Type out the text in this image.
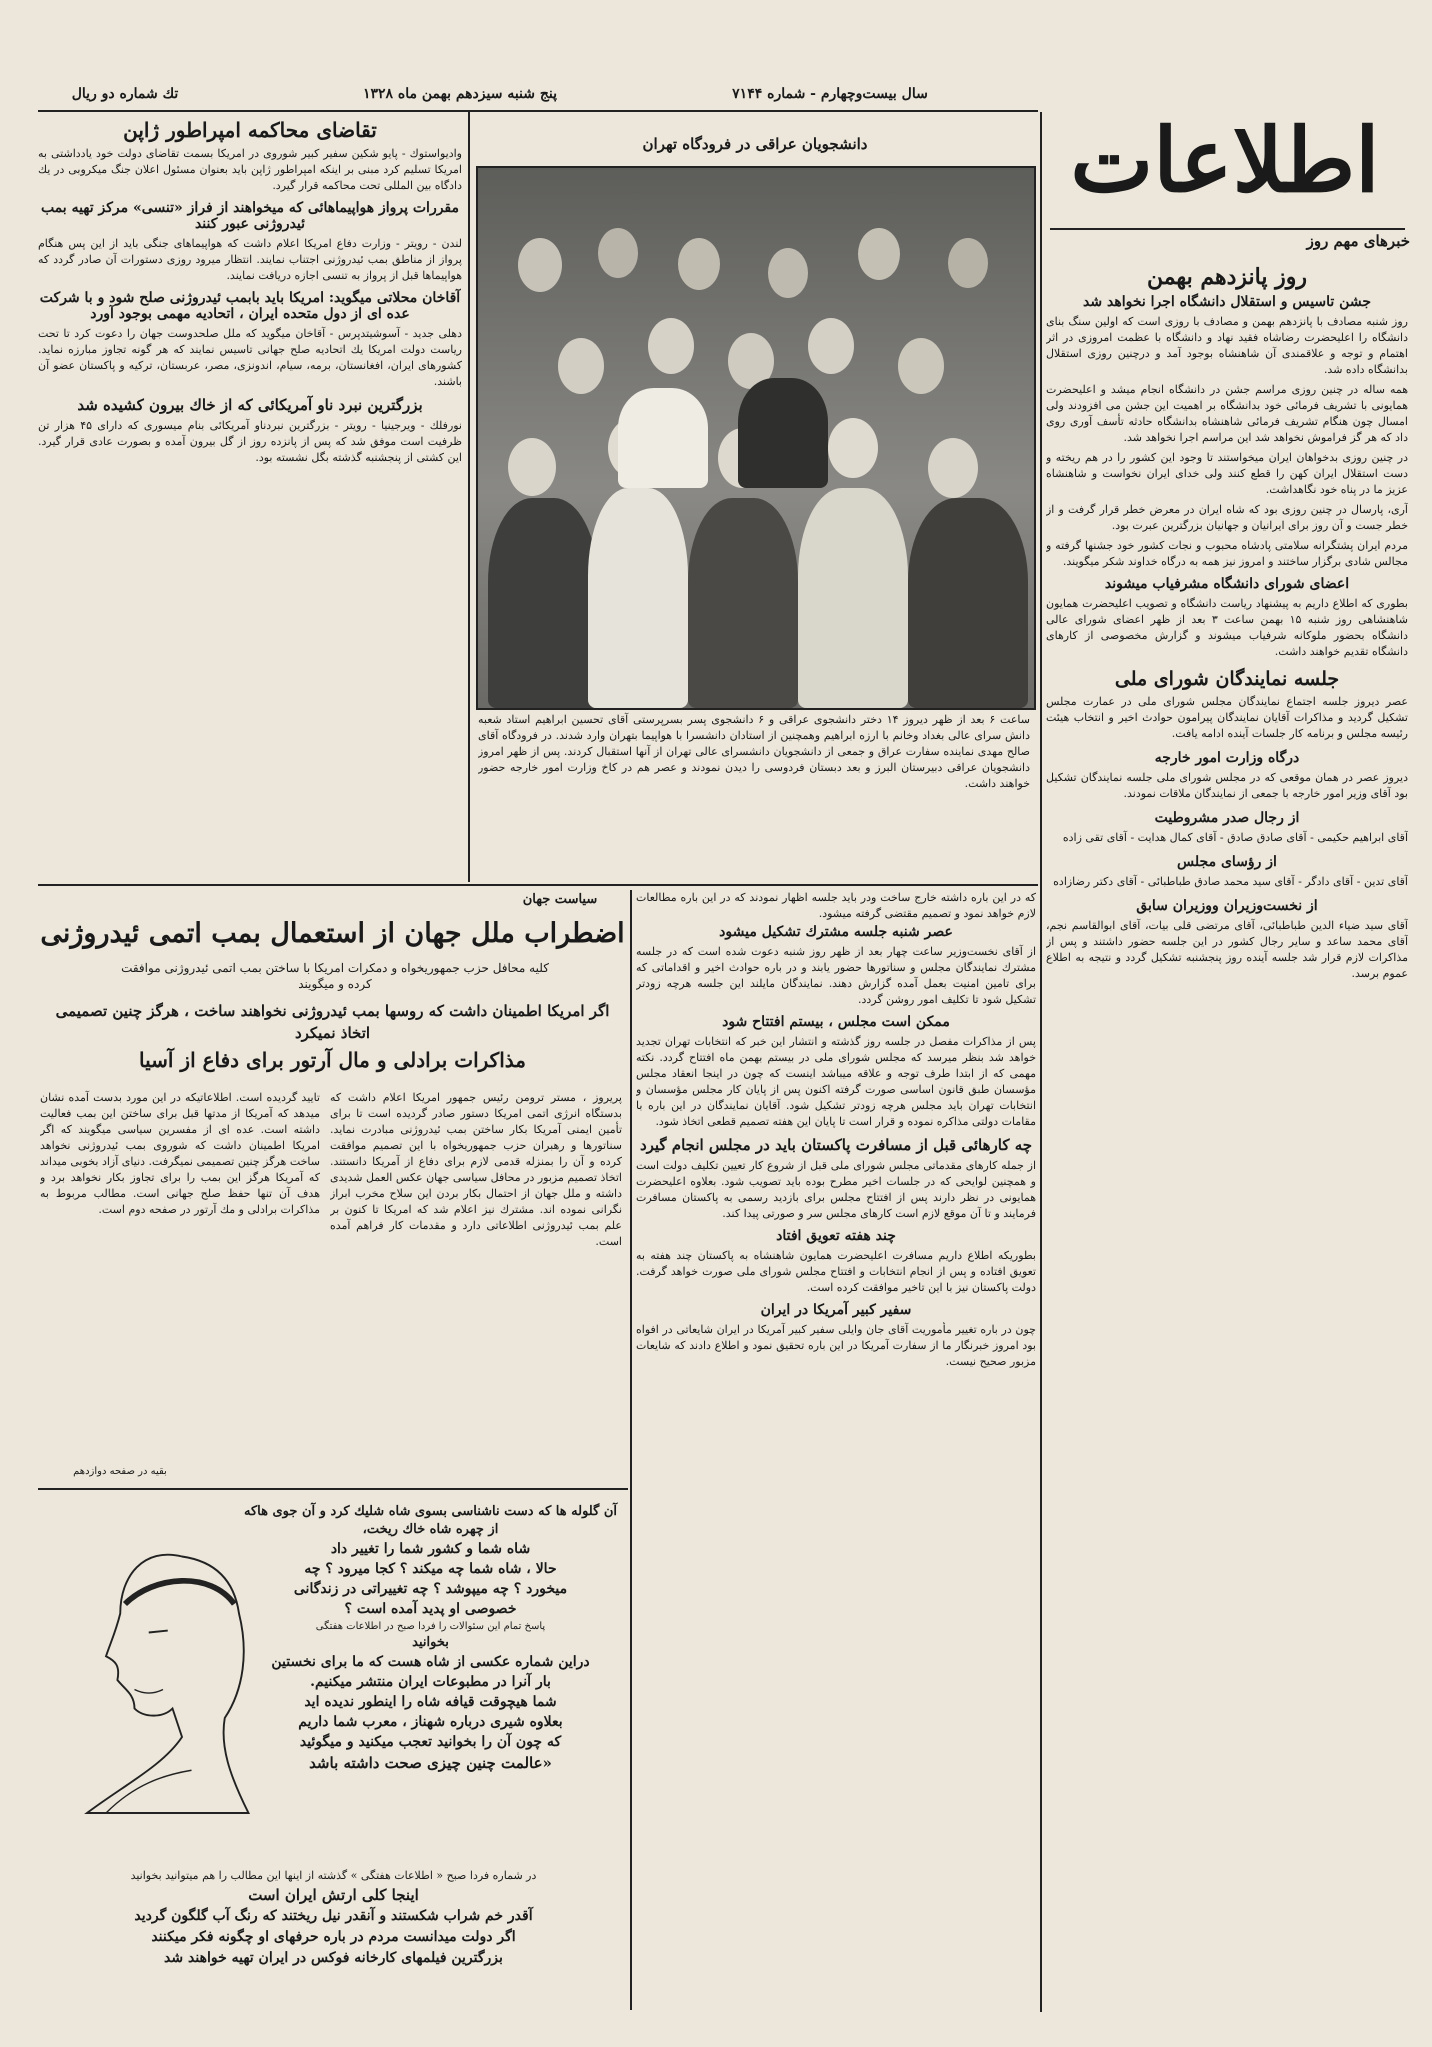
تك شماره دو ريال	پنج شنبه سيزدهم بهمن ماه ۱۳۲۸	سال بيست‌وچهارم - شماره ۷۱۴۴
اطلاعات
خبرهاى مهم روز
روز پانزدهم بهمن
جشن تاسيس و استقلال دانشگاه اجرا نخواهد شد

روز شنبه مصادف با پانزدهم بهمن و مصادف با روزى است كه اولين سنگ بناى دانشگاه را اعليحضرت رضاشاه فقيد نهاد و دانشگاه با عظمت امروزى در اثر اهتمام و توجه و علاقمندى آن شاهنشاه بوجود آمد و درچنين روزى استقلال بدانشگاه داده شد.

همه ساله در چنين روزى مراسم جشن در دانشگاه انجام ميشد و اعليحضرت همايونى با تشريف فرمائى خود بدانشگاه بر اهميت اين جشن مى افزودند ولى امسال چون هنگام تشريف فرمائى شاهنشاه بدانشگاه حادثه تأسف آورى روى داد كه هر گز فراموش نخواهد شد اين مراسم اجرا نخواهد شد.

در چنين روزى بدخواهان ايران ميخواستند تا وجود اين كشور را در هم ريخته و دست استقلال ايران كهن را قطع كنند ولى خداى ايران نخواست و شاهنشاه عزيز ما در پناه خود نگاهداشت.

آرى، پارسال در چنين روزى بود كه شاه ايران در معرض خطر قرار گرفت و از خطر جست و آن روز براى ايرانيان و جهانيان بزرگترين عبرت بود.

مردم ايران پشتگرانه سلامتى پادشاه محبوب و نجات كشور خود جشنها گرفته و مجالس شادى برگزار ساختند و امروز نيز همه به درگاه خداوند شكر ميگويند.

اعضاى شوراى دانشگاه مشرفياب ميشوند
بطورى كه اطلاع داريم به پيشنهاد رياست دانشگاه و تصويب اعليحضرت همايون شاهنشاهى روز شنبه ۱۵ بهمن ساعت ۳ بعد از ظهر اعضاى شوراى عالى دانشگاه بحضور ملوكانه شرفياب ميشوند و گزارش مخصوصى از كارهاى دانشگاه تقديم خواهند داشت.
جلسه نمايندگان شوراى ملى
عصر ديروز جلسه اجتماع نمايندگان مجلس شوراى ملى در عمارت مجلس تشكيل گرديد و مذاكرات آقايان نمايندگان پيرامون حوادث اخير و انتخاب هيئت رئيسه مجلس و برنامه كار جلسات آينده ادامه يافت.
درگاه وزارت امور خارجه
ديروز عصر در همان موقعى كه در مجلس شوراى ملى جلسه نمايندگان تشكيل بود آقاى وزير امور خارجه با جمعى از نمايندگان ملاقات نمودند.
از رجال صدر مشروطيت
آقاى ابراهيم حكيمى - آقاى صادق صادق - آقاى كمال هدايت - آقاى تقى زاده
از رؤساى مجلس
آقاى تدين - آقاى دادگر - آقاى سيد محمد صادق طباطبائى - آقاى دكتر رضازاده
از نخست‌وزيران ووزيران سابق
آقاى سيد ضياء الدين طباطبائى، آقاى مرتضى قلى بيات، آقاى ابوالقاسم نجم، آقاى محمد ساعد و ساير رجال كشور در اين جلسه حضور داشتند و پس از مذاكرات لازم قرار شد جلسه آينده روز پنجشنبه تشكيل گردد و نتيجه به اطلاع عموم برسد.
دانشجويان عراقى در فرودگاه تهران
ساعت ۶ بعد از ظهر ديروز ۱۴ دختر دانشجوى عراقى و ۶ دانشجوى پسر بسرپرستى آقاى تحسين ابراهيم استاد شعبه دانش سراى عالى بغداد وخانم با ارزه ابراهيم وهمچنين از استادان دانشسرا با هواپيما بتهران وارد شدند. در فرودگاه آقاى صالح مهدى نماينده سفارت عراق و جمعى از دانشجويان دانشسراى عالى تهران از آنها استقبال كردند. پس از ظهر امروز دانشجويان عراقى دبيرستان البرز و بعد دبستان فردوسى را ديدن نمودند و عصر هم در كاخ وزارت امور خارجه حضور خواهند داشت.
تقاضاى محاكمه امپراطور ژاپن
واديواستوك - پايو شكين سفير كبير شوروى در امريكا بسمت تقاضاى دولت خود يادداشتى به امريكا تسليم كرد مبنى بر اينكه امپراطور ژاپن بايد بعنوان مسئول اعلان جنگ ميكروبى در يك دادگاه بين المللى تحت محاكمه قرار گيرد.
مقررات پرواز هواپيماهائى كه ميخواهند از فراز «تنسى» مركز تهيه بمب ئيدروژنى عبور كنند
لندن - رويتر - وزارت دفاع امريكا اعلام داشت كه هواپيماهاى جنگى بايد از اين پس هنگام پرواز از مناطق بمب ئيدروژنى اجتناب نمايند. انتظار ميرود روزى دستورات آن صادر گردد كه هواپيماها قبل از پرواز به تنسى اجازه دريافت نمايند.
آقاخان محلاتى ميگويد: امريكا بايد بابمب ئيدروژنى صلح شود و با شركت عده اى از دول متحده ايران ، اتحاديه مهمى بوجود آورد
دهلى جديد - آسوشيتدپرس - آقاخان ميگويد كه ملل صلحدوست جهان را دعوت كرد تا تحت رياست دولت امريكا يك اتحاديه صلح جهانى تاسيس نمايند كه هر گونه تجاوز مبارزه نمايد. كشورهاى ايران، افغانستان، برمه، سيام، اندونزى، مصر، عربستان، تركيه و پاكستان عضو آن باشند.
بزرگترين نبرد ناو آمريكائى كه از خاك بيرون كشيده شد
نورفلك - ويرجينيا - رويتر - بزرگترين نبردناو آمريكائى بنام ميسورى كه داراى ۴۵ هزار تن ظرفيت است موفق شد كه پس از پانزده روز از گل بيرون آمده و بصورت عادى قرار گيرد. اين كشتى از پنجشنبه گذشته بگل نشسته بود.
سياست جهان
اضطراب ملل جهان از استعمال بمب اتمى ئيدروژنى
كليه محافل حزب جمهوريخواه و دمكرات امريكا با ساختن بمب اتمى ئيدروژنى موافقت كرده و ميگويند
اگر امريكا اطمينان داشت كه روسها بمب ئيدروژنى نخواهند ساخت ، هرگز چنين تصميمى اتخاذ نميكرد
مذاكرات برادلى و مال آرتور براى دفاع از آسيا
پريروز ، مستر ترومن رئيس جمهور امريكا اعلام داشت كه بدستگاه انرژى اتمى امريكا دستور صادر گرديده است تا براى تأمين ايمنى آمريكا بكار ساختن بمب ئيدروژنى مبادرت نمايد. سناتورها و رهبران حزب جمهوريخواه با اين تصميم موافقت كرده و آن را بمنزله قدمى لازم براى دفاع از آمريكا دانستند. اتخاذ تصميم مزبور در محافل سياسى جهان عكس العمل شديدى داشته و ملل جهان از احتمال بكار بردن اين سلاح مخرب ابراز نگرانى نموده اند. مشترك نيز اعلام شد كه امريكا تا كنون بر علم بمب ئيدروژنى اطلاعاتى دارد و مقدمات كار فراهم آمده است.
تاييد گرديده است. اطلاعاتيكه در اين مورد بدست آمده نشان ميدهد كه آمريكا از مدتها قبل براى ساختن اين بمب فعاليت داشته است. عده اى از مفسرين سياسى ميگويند كه اگر امريكا اطمينان داشت كه شوروى بمب ئيدروژنى نخواهد ساخت هرگز چنين تصميمى نميگرفت. دنياى آزاد بخوبى ميداند كه آمريكا هرگز اين بمب را براى تجاوز بكار نخواهد برد و هدف آن تنها حفظ صلح جهانى است. مطالب مربوط به مذاكرات برادلى و مك آرتور در صفحه دوم است.
بقيه در صفحه دوازدهم
كه در اين باره داشته خارج ساخت ودر بايد جلسه اظهار نمودند كه در اين باره مطالعات لازم خواهد نمود و تصميم مقتضى گرفته ميشود.
عصر شنبه جلسه مشترك تشكيل ميشود
از آقاى نخست‌وزير ساعت چهار بعد از ظهر روز شنبه دعوت شده است كه در جلسه مشترك نمايندگان مجلس و سناتورها حضور يابند و در باره حوادث اخير و اقداماتى كه براى تامين امنيت بعمل آمده گزارش دهند. نمايندگان مايلند اين جلسه هرچه زودتر تشكيل شود تا تكليف امور روشن گردد.
ممكن است مجلس ، بيستم افتتاح شود
پس از مذاكرات مفصل در جلسه روز گذشته و انتشار اين خبر كه انتخابات تهران تجديد خواهد شد بنظر ميرسد كه مجلس شوراى ملى در بيستم بهمن ماه افتتاح گردد. نكته مهمى كه از ابتدا طرف توجه و علاقه ميباشد اينست كه چون در اينجا انعقاد مجلس مؤسسان طبق قانون اساسى صورت گرفته اكنون پس از پايان كار مجلس مؤسسان و انتخابات تهران بايد مجلس هرچه زودتر تشكيل شود. آقايان نمايندگان در اين باره با مقامات دولتى مذاكره نموده و قرار است تا پايان اين هفته تصميم قطعى اتخاذ شود.
چه كارهائى قبل از مسافرت پاكستان بايد در مجلس انجام گيرد
از جمله كارهاى مقدماتى مجلس شوراى ملى قبل از شروع كار تعيين تكليف دولت است و همچنين لوايحى كه در جلسات اخير مطرح بوده بايد تصويب شود. بعلاوه اعليحضرت همايونى در نظر دارند پس از افتتاح مجلس براى بازديد رسمى به پاكستان مسافرت فرمايند و تا آن موقع لازم است كارهاى مجلس سر و صورتى پيدا كند.
چند هفته تعويق افتاد
بطوريكه اطلاع داريم مسافرت اعليحضرت همايون شاهنشاه به پاكستان چند هفته به تعويق افتاده و پس از انجام انتخابات و افتتاح مجلس شوراى ملى صورت خواهد گرفت. دولت پاكستان نيز با اين تاخير موافقت كرده است.
سفير كبير آمريكا در ايران
چون در باره تغيير مأموريت آقاى جان وايلى سفير كبير آمريكا در ايران شايعاتى در افواه بود امروز خبرنگار ما از سفارت آمريكا در اين باره تحقيق نمود و اطلاع دادند كه شايعات مزبور صحيح نيست.
آن گلوله ها كه دست ناشناسى بسوى شاه شليك كرد و آن جوى هاكه از چهره شاه خاك ريخت،
شاه شما و كشور شما را تغيير داد
حالا ، شاه شما چه ميكند ؟ كجا ميرود ؟ چه
ميخورد ؟ چه ميپوشد ؟ چه تغييراتى در زندگانى
خصوصى او پديد آمده است ؟
پاسخ تمام اين سئوالات را فردا صبح در اطلاعات هفتگى
بخوانيد
دراين شماره عكسى از شاه هست كه ما براى نخستين
بار آنرا در مطبوعات ايران منتشر ميكنيم.
شما هيچوقت قيافه شاه را اينطور نديده ايد
بعلاوه شيرى درباره شهناز ، معرب شما داريم
كه چون آن را بخوانيد تعجب ميكنيد و ميگوئيد
«عالمت چنين چيزى صحت داشته باشد
در شماره فردا صبح « اطلاعات هفتگى » گذشته از اينها اين مطالب را هم ميتوانيد بخوانيد
اينجا كلى ارتش ايران است
آقدر خم شراب شكستند و آنقدر نيل ريختند كه رنگ آب گلگون گرديد
اگر دولت ميدانست مردم در باره حرفهاى او چگونه فكر ميكنند
بزرگترين فيلمهاى كارخانه فوكس در ايران تهيه خواهند شد
